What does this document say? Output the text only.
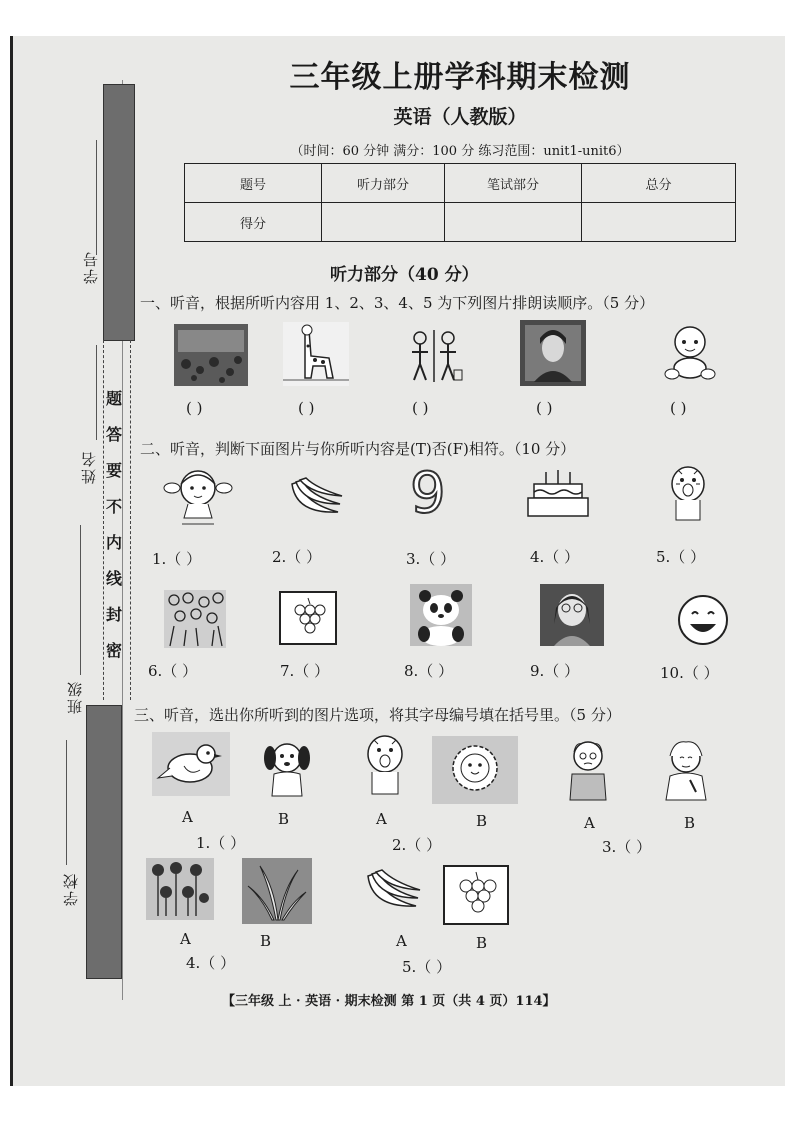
学号
姓名
班级
学校
密
封
线
内
不
要
答
题
三年级上册学科期末检测
英语（人教版）
（时间：60 分钟 满分：100 分 练习范围：unit1-unit6）
题号	听力部分	笔试部分	总分
得分			
听力部分（40 分）
一、听音，根据所听内容用 1、2、3、4、5 为下列图片排朗读顺序。（5 分）
( )	( )	( )	( )	( )
二、听音，判断下面图片与你所听内容是(T)否(F)相符。（10 分）
9
1.（ ）	2.（ ）	3.（ ）	4.（ ）	5.（ ）
6.（ ）	7.（ ）	8.（ ）	9.（ ）	10.（ ）
三、听音，选出你所听到的图片选项，将其字母编号填在括号里。（5 分）
A	B	A	B	A	B
1.（ ）	2.（ ）	3.（ ）
A	B	A	B
4.（ ）	5.（ ）
【三年级 上 · 英语 · 期末检测 第 1 页（共 4 页）114】
